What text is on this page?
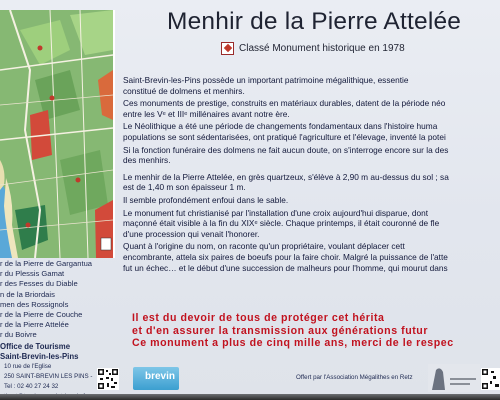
r de la Pierre de Gargantua
r du Plessis Gamat
r des Fesses du Diable
n de la Briordais
men des Rossignols
r de la Pierre de Couche
r de la Pierre Attelée
r du Boivre
Office de Tourisme
Saint-Brevin-les-Pins
10 rue de l'Eglise
250 SAINT-BREVIN LES PINS -
Tel : 02 40 27 24 32
Menhir de la Pierre Attelée
Classé Monument historique en 1978
Saint-Brevin-les-Pins possède un important patrimoine mégalithique, essentie
constitué de dolmens et menhirs.
Ces monuments de prestige, construits en matériaux durables, datent de la période néo
entre les Vᵉ et IIIᵉ millénaires avant notre ère.
Le Néolithique a été une période de changements fondamentaux dans l'histoire huma
populations se sont sédentarisées, ont pratiqué l'agriculture et l'élevage, inventé la potei
Si la fonction funéraire des dolmens ne fait aucun doute, on s'interroge encore sur la des
des menhirs.
Le menhir de la Pierre Attelée, en grès quartzeux, s'élève à 2,90 m au-dessus du sol ; sa
est de 1,40 m son épaisseur 1 m.
Il semble profondément enfoui dans le sable.
Le monument fut christianisé par l'installation d'une croix aujourd'hui disparue, dont
maçonné était visible à la fin du XIXᵉ siècle. Chaque printemps, il était couronné de fle
d'une procession qui venait l'honorer.
Quant à l'origine du nom, on raconte qu'un propriétaire, voulant déplacer cett
encombrante, attela six paires de boeufs pour la faire choir. Malgré la puissance de l'atte
fut un échec… et le début d'une succession de malheurs pour l'homme, qui mourut dans
Il est du devoir de tous de protéger cet hérita
et d'en assurer la transmission aux générations futur
Ce monument a plus de cinq mille ans, merci de le respec
brevin	Offert par l'Association Mégalithes en Retz
